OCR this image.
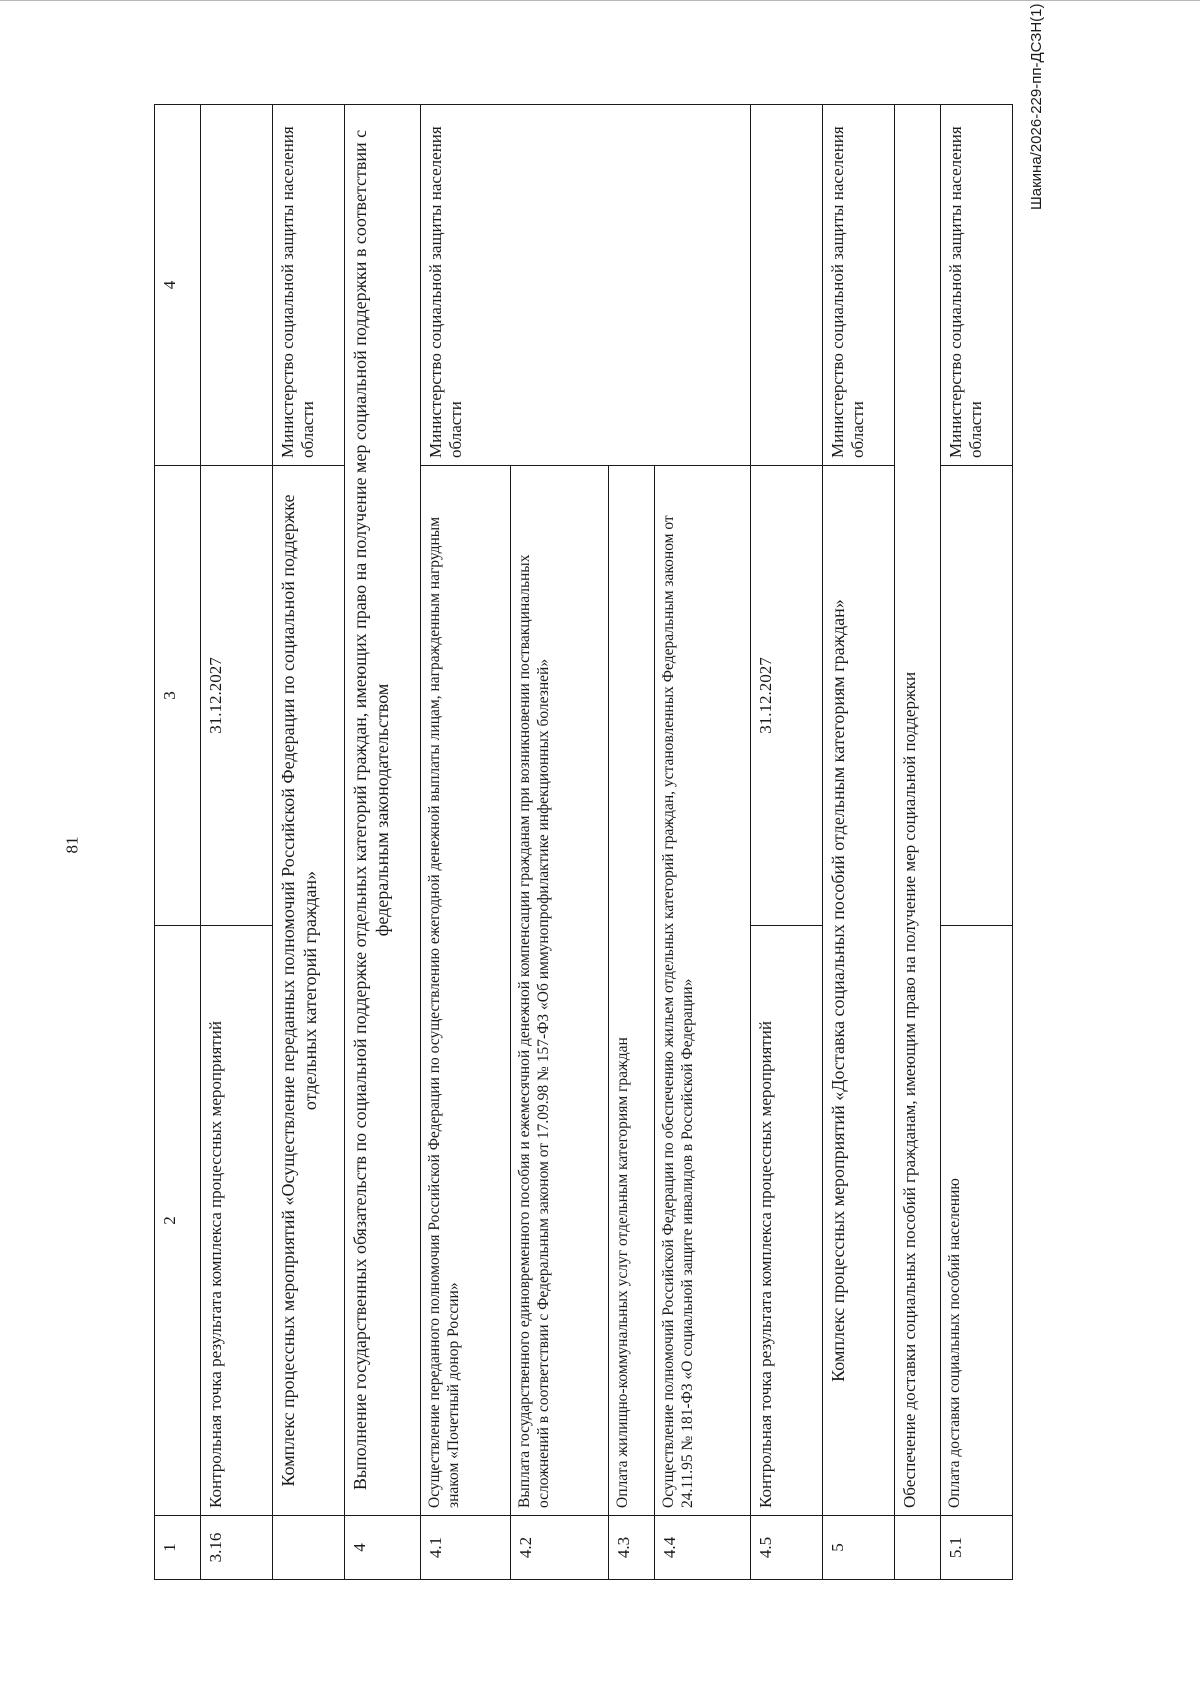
81
Шакина/2026-229-пп-ДСЗН(1)
1	2	3	4
3.16	Контрольная точка результата комплекса процессных мероприятий	31.12.2027	
	Комплекс процессных мероприятий «Осуществление переданных полномочий Российской Федерации по социальной поддержке отдельных категорий граждан»		Министерство социальной защиты населения области
4	Выполнение государственных обязательств по социальной поддержке отдельных категорий граждан, имеющих право на получение мер социальной поддержки в соответствии с федеральным законодательством		
4.1	Осуществление переданного полномочия Российской Федерации по осуществлению ежегодной денежной выплаты лицам, награжденным нагрудным знаком «Почетный донор России»		Министерство социальной защиты населения области
4.2	Выплата государственного единовременного пособия и ежемесячной денежной компенсации гражданам при возникновении поствакцинальных осложнений в соответствии с Федеральным законом от 17.09.98 № 157-ФЗ «Об иммунопрофилактике инфекционных болезней»		
4.3	Оплата жилищно-коммунальных услуг отдельным категориям граждан		
4.4	Осуществление полномочий Российской Федерации по обеспечению жильем отдельных категорий граждан, установленных Федеральным законом от 24.11.95 № 181-ФЗ «О социальной защите инвалидов в Российской Федерации»		
4.5	Контрольная точка результата комплекса процессных мероприятий	31.12.2027	
5	Комплекс процессных мероприятий «Доставка социальных пособий отдельным категориям граждан»		Министерство социальной защиты населения области
	Обеспечение доставки социальных пособий гражданам, имеющим право на получение мер социальной поддержки		
5.1	Оплата доставки социальных пособий населению		Министерство социальной защиты населения области
